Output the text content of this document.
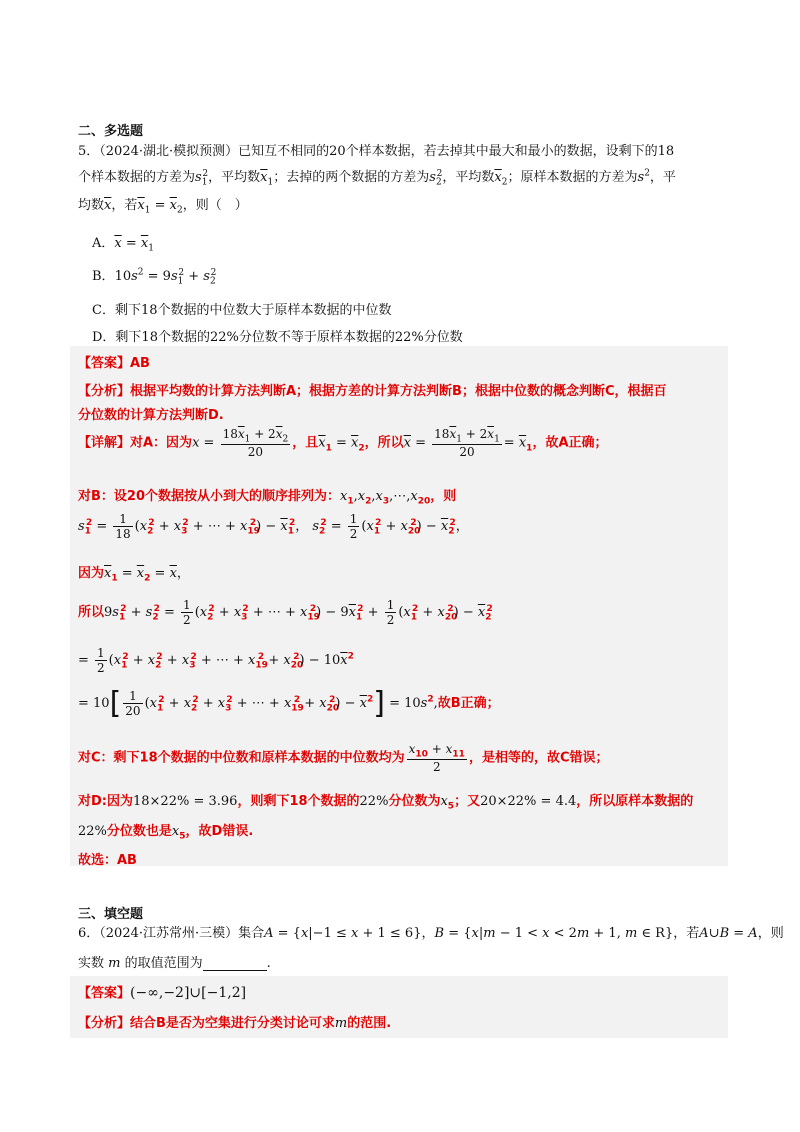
二、多选题
5．（2024·湖北·模拟预测）已知互不相同的20个样本数据，若去掉其中最大和最小的数据，设剩下的18
个样本数据的方差为$s_1^2$，平均数$\overline{x}_1$；去掉的两个数据的方差为$s_2^2$，平均数$\overline{x}_2$；原样本数据的方差为$s^2$，平
均数$\overline{x}$，若$\overline{x}_1 = \overline{x}_2$，则（　）
A．$\overline{x} = \overline{x}_1$
B．$10s^2 = 9s_1^2 + s_2^2$
C．剩下18个数据的中位数大于原样本数据的中位数
D．剩下18个数据的22%分位数不等于原样本数据的22%分位数
【答案】AB
【分析】根据平均数的计算方法判断A；根据方差的计算方法判断B；根据中位数的概念判断C，根据百
分位数的计算方法判断D.
【详解】对A：因为$x = \frac{18\overline{x}_1 + 2\overline{x}_2}{20}$ ，且$\overline{x}_1 = \overline{x}_2$，所以$\overline{x} = \frac{18\overline{x}_1 + 2\overline{x}_1}{20} = \overline{x}_1$，故A正确；
对B：设20个数据按从小到大的顺序排列为：$x_1,x_2,x_3,\cdots,x_{20}$，则
$s_1^2 = \frac{1}{18} (x_2^2 + x_3^2$ + ⋯ + $x_{19}^2) - \overline{x}_1^2$， $s_2^2 = \frac{1}{2} (x_1^2 + x_{20}^2) - \overline{x}_2^2$，
因为$\overline{x}_1 = \overline{x}_2 = \overline{x}$，
所以$9s_1^2 + s_2^2 = \frac{1}{2} (x_2^2 + x_3^2$ + ⋯ + $x_{19}^2) - 9\overline{x}_1^2 + \frac{1}{2} (x_1^2 + x_{20}^2) - \overline{x}_2^2$
= $\frac{1}{2} (x_1^2 + x_2^2 + x_3^2$ + ⋯ + $x_{19}^2 + x_{20}^2) - 10\overline{x}^2$
= $10[ \frac{1}{20} (x_1^2 + x_2^2 + x_3^2$ + ⋯ + $x_{19}^2 + x_{20}^2) - \overline{x}^2] = 10s^2$,故B正确；
对C：剩下18个数据的中位数和原样本数据的中位数均为 $\frac{x_{10} + x_{11}}{2}$ ，是相等的，故C错误；
对D:因为18×22% = 3.96，则剩下18个数据的22%分位数为$x_5$；又20×22% = 4.4，所以原样本数据的
22%分位数也是$x_5$，故D错误.
故选：AB
三、填空题
6．（2024·江苏常州·三模）集合A = {x|−1 ≤ x + 1 ≤ 6}，B = {x|m − 1 < x < 2m + 1, m ∈ R}，若A∪B = A，则
实数 m 的取值范围为	.
【答案】(−∞,−2]∪[−1,2]
【分析】结合B是否为空集进行分类讨论可求m的范围.
